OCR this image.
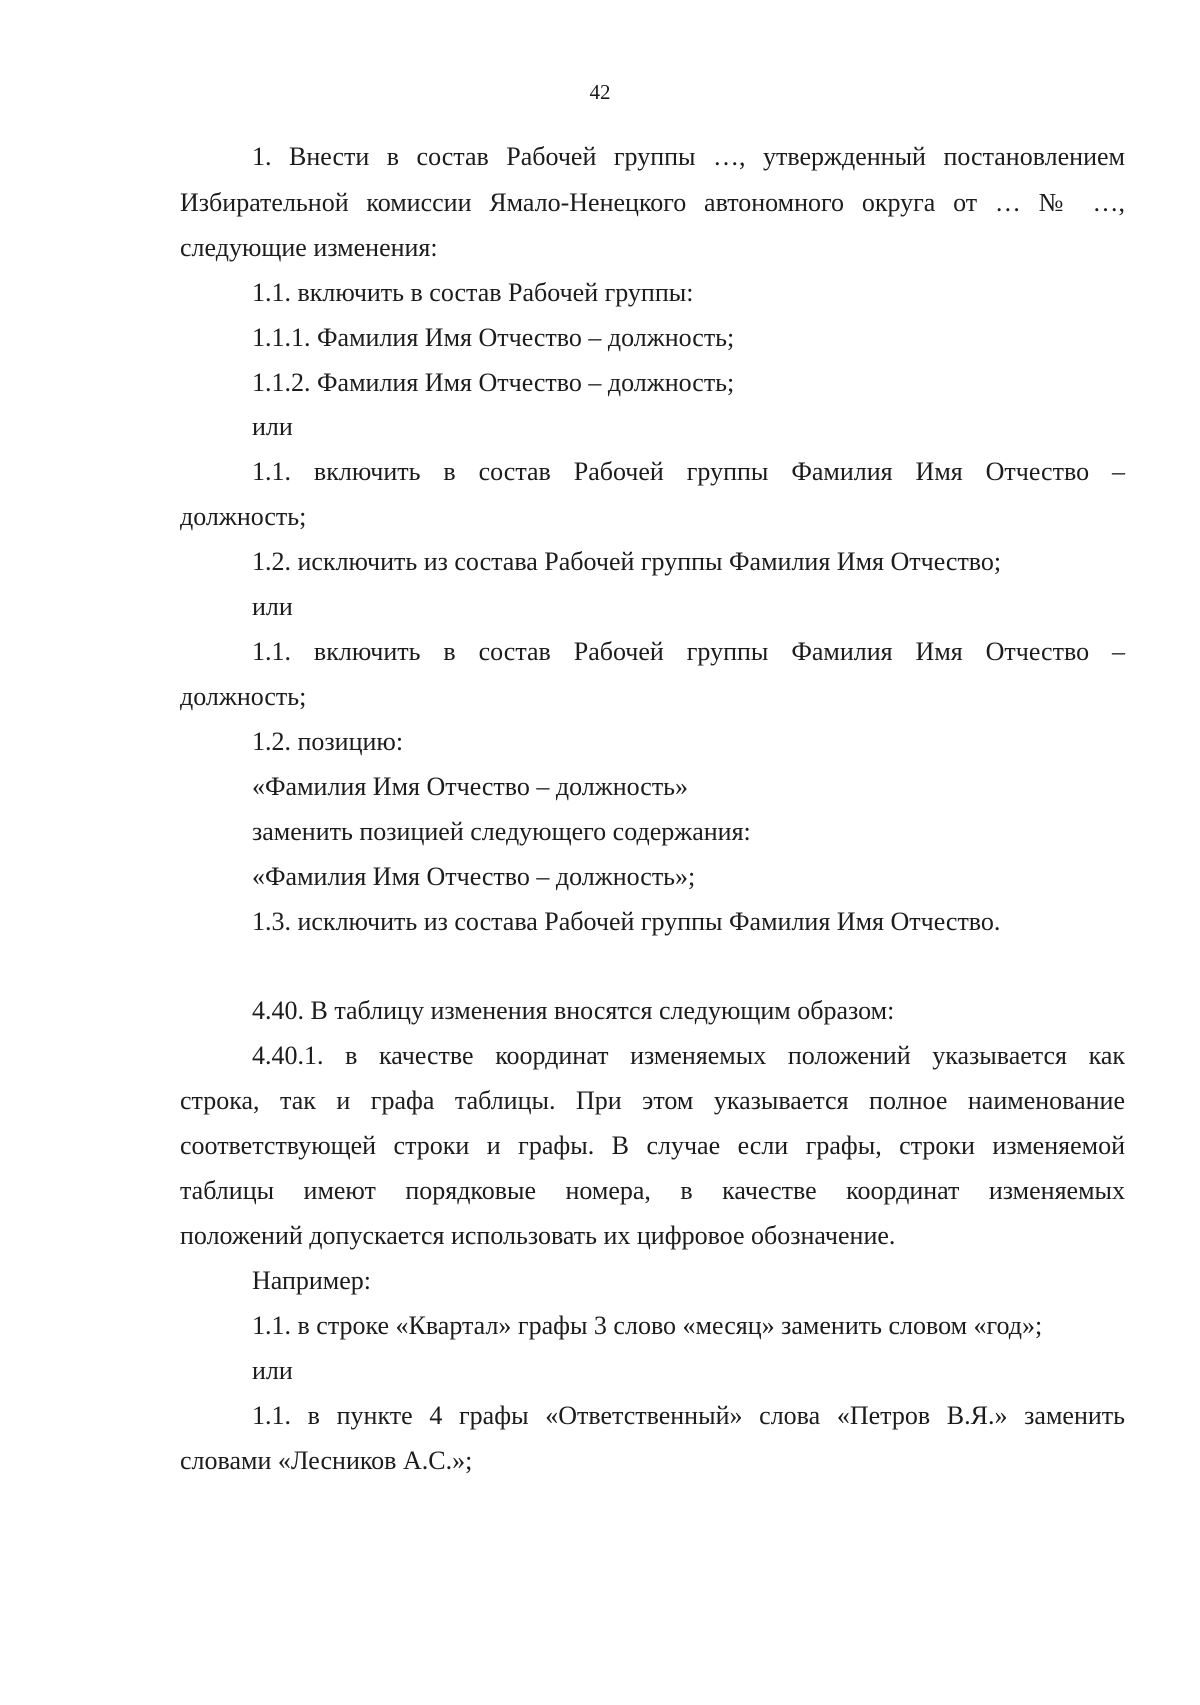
42
1. Внести в состав Рабочей группы …, утвержденный постановлением
Избирательной комиссии Ямало-Ненецкого автономного округа от … № …,
следующие изменения:
1.1. включить в состав Рабочей группы:
1.1.1. Фамилия Имя Отчество – должность;
1.1.2. Фамилия Имя Отчество – должность;
или
1.1. включить в состав Рабочей группы Фамилия Имя Отчество –
должность;
1.2. исключить из состава Рабочей группы Фамилия Имя Отчество;
или
1.1. включить в состав Рабочей группы Фамилия Имя Отчество –
должность;
1.2. позицию:
«Фамилия Имя Отчество – должность»
заменить позицией следующего содержания:
«Фамилия Имя Отчество – должность»;
1.3. исключить из состава Рабочей группы Фамилия Имя Отчество.
4.40. В таблицу изменения вносятся следующим образом:
4.40.1. в качестве координат изменяемых положений указывается как
строка, так и графа таблицы. При этом указывается полное наименование
соответствующей строки и графы. В случае если графы, строки изменяемой
таблицы имеют порядковые номера, в качестве координат изменяемых
положений допускается использовать их цифровое обозначение.
Например:
1.1. в строке «Квартал» графы 3 слово «месяц» заменить словом «год»;
или
1.1. в пункте 4 графы «Ответственный» слова «Петров В.Я.» заменить
словами «Лесников А.С.»;
